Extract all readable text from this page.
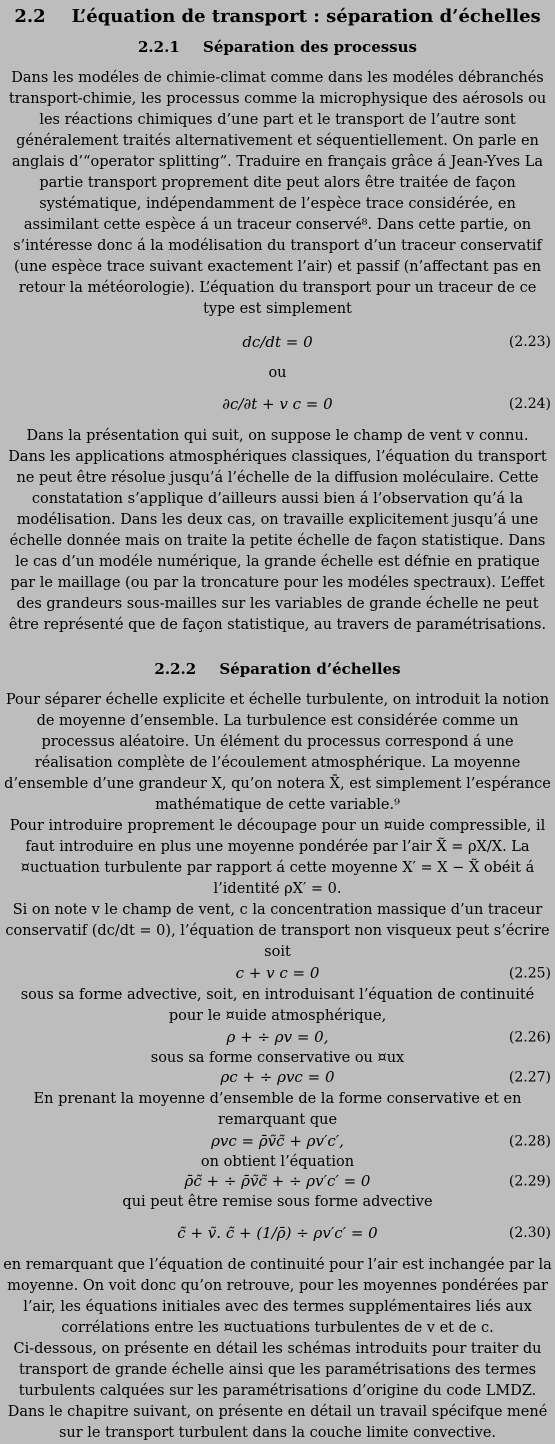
2.2 L’équation de transport : séparation d’échelles
2.2.1 Séparation des processus

Dans les modéles de chimie-climat comme dans les modéles débranchés transport-chimie, les processus comme la microphysique des aérosols ou les réactions chimiques d’une part et le transport de l’autre sont généralement traités alternativement et séquentiellement. On parle en anglais d’“operator splitting”. Traduire en français grâce á Jean-Yves La partie transport proprement dite peut alors être traitée de façon systématique, indépendamment de l’espèce trace considérée, en assimilant cette espèce á un traceur conservé⁸. Dans cette partie, on s’intéresse donc á la modélisation du transport d’un traceur conservatif (une espèce trace suivant exactement l’air) et passif (n’affectant pas en retour la météorologie). L’équation du transport pour un traceur de ce type est simplement

dc/dt = 0	(2.23)

ou

∂c/∂t + v c = 0	(2.24)

Dans la présentation qui suit, on suppose le champ de vent v connu.

Dans les applications atmosphériques classiques, l’équation du transport ne peut être résolue jusqu’á l’échelle de la diffusion moléculaire. Cette constatation s’applique d’ailleurs aussi bien á l’observation qu’á la modélisation. Dans les deux cas, on travaille explicitement jusqu’á une échelle donnée mais on traite la petite échelle de façon statistique. Dans le cas d’un modéle numérique, la grande échelle est défnie en pratique par le maillage (ou par la troncature pour les modéles spectraux). L’effet des grandeurs sous-mailles sur les variables de grande échelle ne peut être représenté que de façon statistique, au travers de paramétrisations.

2.2.2 Séparation d’échelles

Pour séparer échelle explicite et échelle turbulente, on introduit la notion de moyenne d’ensemble. La turbulence est considérée comme un processus aléatoire. Un élément du processus correspond á une réalisation complète de l’écoulement atmosphérique. La moyenne d’ensemble d’une grandeur X, qu’on notera X̄, est simplement l’espérance mathématique de cette variable.⁹

Pour introduire proprement le découpage pour un ¤uide compressible, il faut introduire en plus une moyenne pondérée par l’air X̃ = ρX/X. La ¤uctuation turbulente par rapport á cette moyenne X′ = X − X̃ obéit á l’identité ρX′ = 0.

Si on note v le champ de vent, c la concentration massique d’un traceur conservatif (dc/dt = 0), l’équation de transport non visqueux peut s’écrire soit

c + v c = 0	(2.25)

sous sa forme advective, soit, en introduisant l’équation de continuité pour le ¤uide atmosphérique,

ρ + ÷ ρv = 0,	(2.26)

sous sa forme conservative ou ¤ux

ρc + ÷ ρvc = 0	(2.27)

En prenant la moyenne d’ensemble de la forme conservative et en remarquant que

ρvc = ρ̄ṽc̃ + ρv′c′,	(2.28)

on obtient l’équation

ρ̄c̃ + ÷ ρ̄ṽc̃ + ÷ ρv′c′ = 0	(2.29)

qui peut être remise sous forme advective

c̃ + ṽ. c̃ + (1/ρ̄) ÷ ρv′c′ = 0	(2.30)

en remarquant que l’équation de continuité pour l’air est inchangée par la moyenne. On voit donc qu’on retrouve, pour les moyennes pondérées par l’air, les équations initiales avec des termes supplémentaires liés aux corrélations entre les ¤uctuations turbulentes de v et de c.

Ci-dessous, on présente en détail les schémas introduits pour traiter du transport de grande échelle ainsi que les paramétrisations des termes turbulents calquées sur les paramétrisations d’origine du code LMDZ. Dans le chapitre suivant, on présente en détail un travail spécifque mené sur le transport turbulent dans la couche limite convective.
